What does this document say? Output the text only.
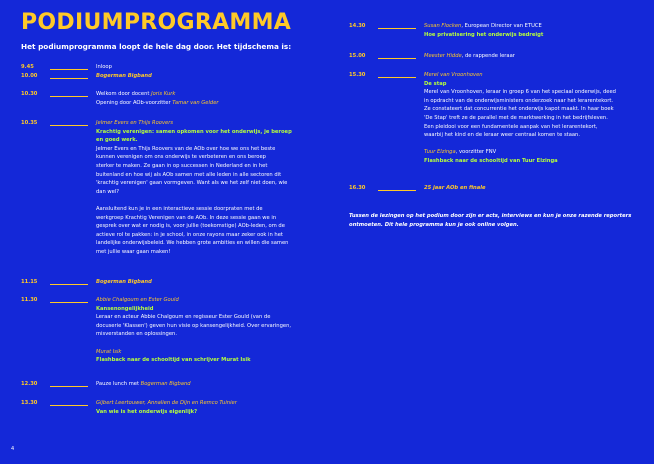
PODIUMPROGRAMMA

Het podiumprogramma loopt de hele dag door. Het tijdschema is:

9.45	Inloop
10.00	Bogerman Bigband
10.30	Welkom door docent Joris Kurk
Opening door AOb-voorzitter Tamar van Gelder
10.35	Jelmer Evers en Thijs Roovers
Krachtig verenigen: samen opkomen voor het onderwijs, je beroep
en goed werk.
Jelmer Evers en Thijs Roovers van de AOb over hoe we ons het beste
kunnen verenigen om ons onderwijs te verbeteren en ons beroep
sterker te maken. Ze gaan in op successen in Nederland en in het
buitenland en hoe wij als AOb samen met alle leden in alle sectoren dit
'krachtig verenigen' gaan vormgeven. Want als we het zelf niet doen, wie
dan wel?
Aansluitend kun je in een interactieve sessie doorpraten met de
werkgroep Krachtig Verenigen van de AOb. In deze sessie gaan we in
gesprek over wat er nodig is, voor jullie (toekomstige) AOb-leden, om de
actieve rol te pakken: in je school, in onze rayons maar zeker ook in het
landelijke onderwijsbeleid. We hebben grote ambities en willen die samen
met jullie waar gaan maken!
11.15	Bogerman Bigband
11.30	Abbie Chalgoum en Ester Gould
Kansenongelijkheid
Leraar en acteur Abbie Chalgoum en regisseur Ester Gould (van de
docuserie 'Klassen') geven hun visie op kansengelijkheid. Over ervaringen,
misverstanden en oplossingen.
Murat Isik
Flashback naar de schooltijd van schrijver Murat Isik
12.30	Pauze lunch met Bogerman Bigband
13.30	Gijbert Leertouwer, Annalien de Dijn en Remco Tuinier
Van wie is het onderwijs eigenlijk?
4
14.30	Susan Flocken, European Director van ETUCE
Hoe privatisering het onderwijs bedreigt
15.00	Meester Hidde, de rappende leraar
15.30	Merel van Vroonhoven
De stap
Merel van Vroonhoven, leraar in groep 6 van het speciaal onderwijs, deed
in opdracht van de onderwijsministers onderzoek naar het lerarentekort.
Ze constateert dat concurrentie het onderwijs kapot maakt. In haar boek
'De Stap' treft ze de parallel met de marktwerking in het bedrijfsleven.
Een pleidooi voor een fundamentele aanpak van het lerarentekort,
waarbij het kind en de leraar weer centraal komen te staan.
Tuur Elzinga, voorzitter FNV
Flashback naar de schooltijd van Tuur Elzinga
16.30	25 jaar AOb en finale
Tussen de lezingen op het podium door zijn er acts, interviews en kun je onze razende reporters
ontmoeten. Dit hele programma kun je ook online volgen.
